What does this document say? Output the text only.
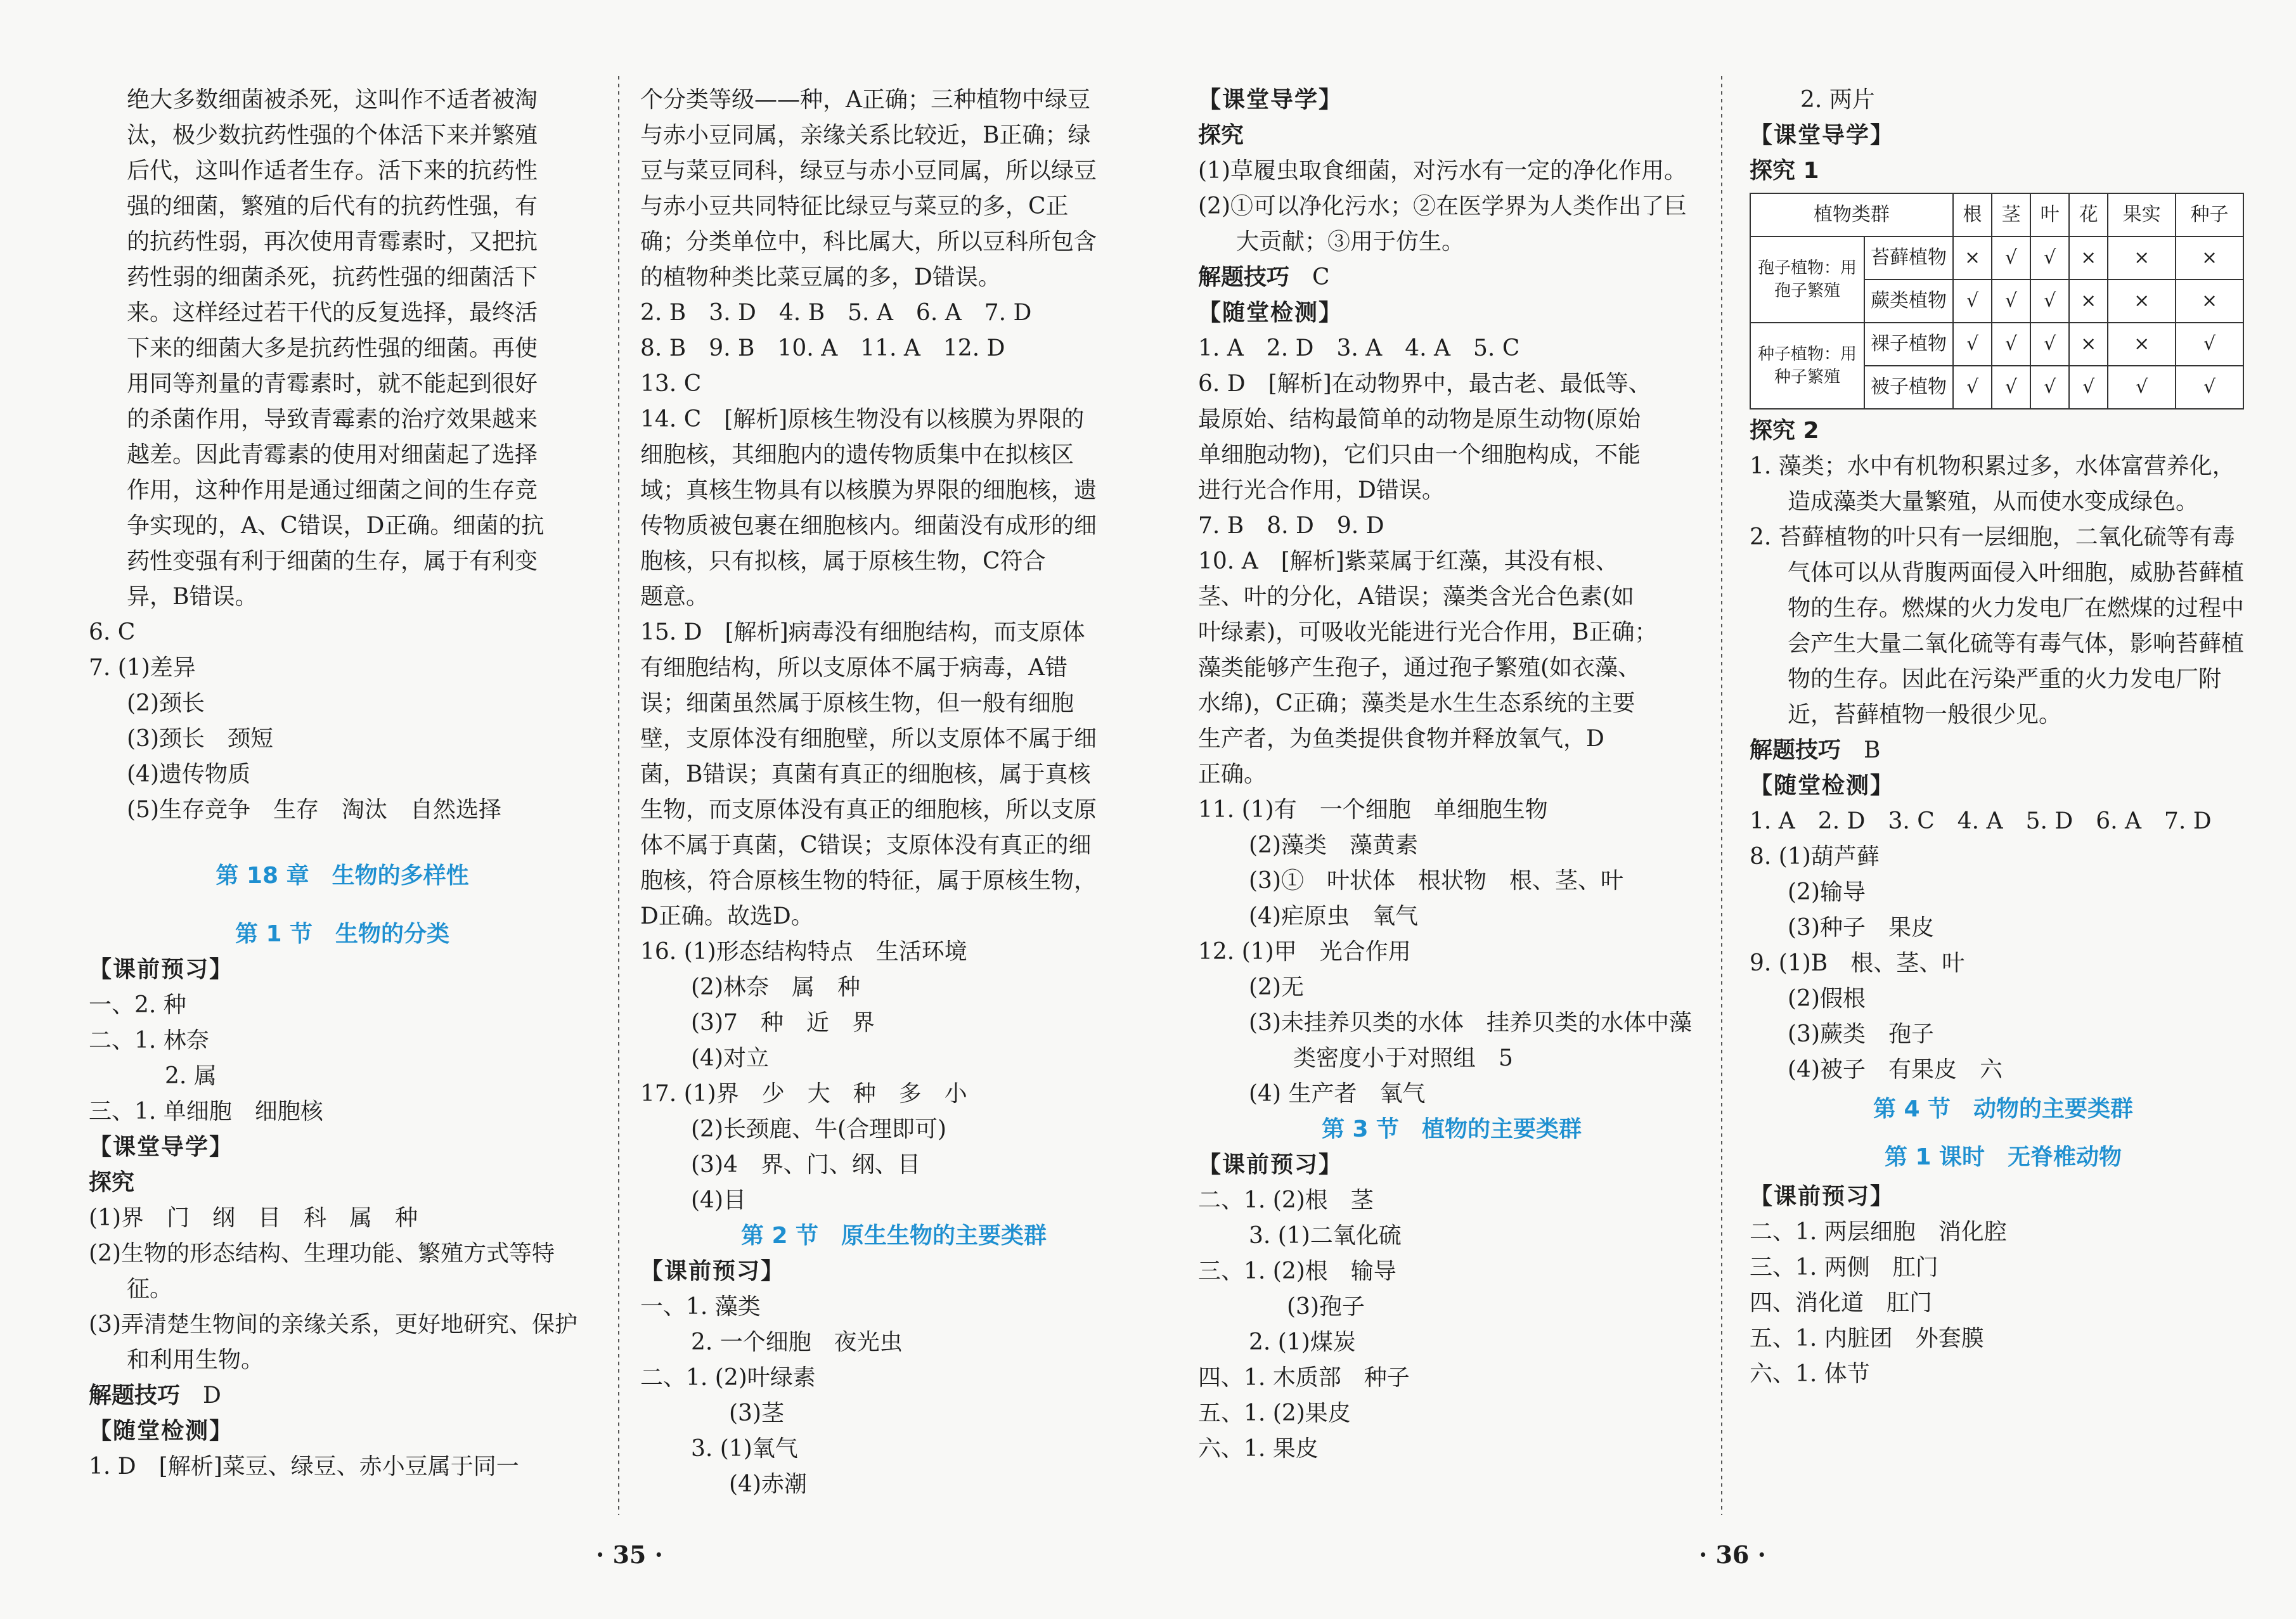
绝大多数细菌被杀死，这叫作不适者被淘
汰，极少数抗药性强的个体活下来并繁殖
后代，这叫作适者生存。活下来的抗药性
强的细菌，繁殖的后代有的抗药性强，有
的抗药性弱，再次使用青霉素时，又把抗
药性弱的细菌杀死，抗药性强的细菌活下
来。这样经过若干代的反复选择，最终活
下来的细菌大多是抗药性强的细菌。再使
用同等剂量的青霉素时，就不能起到很好
的杀菌作用，导致青霉素的治疗效果越来
越差。因此青霉素的使用对细菌起了选择
作用，这种作用是通过细菌之间的生存竞
争实现的，A、C错误，D正确。细菌的抗
药性变强有利于细菌的生存，属于有利变
异，B错误。
6. C
7. (1)差异
(2)颈长
(3)颈长　颈短
(4)遗传物质
(5)生存竞争　生存　淘汰　自然选择
第 18 章　生物的多样性
第 1 节　生物的分类
【课前预习】
一、2. 种
二、1. 林奈
2. 属
三、1. 单细胞　细胞核
【课堂导学】
探究
(1)界　门　纲　目　科　属　种
(2)生物的形态结构、生理功能、繁殖方式等特征。
(3)弄清楚生物间的亲缘关系，更好地研究、保护和利用生物。
解题技巧　 D
【随堂检测】
1. D　[解析]菜豆、绿豆、赤小豆属于同一
个分类等级——种，A正确；三种植物中绿豆
与赤小豆同属，亲缘关系比较近，B正确；绿
豆与菜豆同科，绿豆与赤小豆同属，所以绿豆
与赤小豆共同特征比绿豆与菜豆的多，C正
确；分类单位中，科比属大，所以豆科所包含
的植物种类比菜豆属的多，D错误。
2. B　3. D　4. B　5. A　6. A　7. D
8. B　9. B　10. A　11. A　12. D
13. C
14. C　[解析]原核生物没有以核膜为界限的
细胞核，其细胞内的遗传物质集中在拟核区
域；真核生物具有以核膜为界限的细胞核，遗
传物质被包裹在细胞核内。细菌没有成形的细
胞核，只有拟核，属于原核生物，C符合
题意。
15. D　[解析]病毒没有细胞结构，而支原体
有细胞结构，所以支原体不属于病毒，A错
误；细菌虽然属于原核生物，但一般有细胞
壁，支原体没有细胞壁，所以支原体不属于细
菌，B错误；真菌有真正的细胞核，属于真核
生物，而支原体没有真正的细胞核，所以支原
体不属于真菌，C错误；支原体没有真正的细
胞核，符合原核生物的特征，属于原核生物，
D正确。故选D。
16. (1)形态结构特点　生活环境
(2)林奈　属　种
(3)7　种　近　界
(4)对立
17. (1)界　少　大　种　多　小
(2)长颈鹿、牛(合理即可)
(3)4　界、门、纲、目
(4)目
第 2 节　原生生物的主要类群
【课前预习】
一、1. 藻类
2. 一个细胞　夜光虫
二、1. (2)叶绿素
(3)茎
3. (1)氧气
(4)赤潮
· 35 ·
【课堂导学】
探究
(1)草履虫取食细菌，对污水有一定的净化作用。
(2)①可以净化污水；②在医学界为人类作出了巨大贡献；③用于仿生。
解题技巧　 C
【随堂检测】
1. A　2. D　3. A　4. A　5. C
6. D　[解析]在动物界中，最古老、最低等、
最原始、结构最简单的动物是原生动物(原始
单细胞动物)，它们只由一个细胞构成，不能
进行光合作用，D错误。
7. B　8. D　9. D
10. A　[解析]紫菜属于红藻，其没有根、
茎、叶的分化，A错误；藻类含光合色素(如
叶绿素)，可吸收光能进行光合作用，B正确；
藻类能够产生孢子，通过孢子繁殖(如衣藻、
水绵)，C正确；藻类是水生生态系统的主要
生产者，为鱼类提供食物并释放氧气，D
正确。
11. (1)有　一个细胞　单细胞生物
(2)藻类　藻黄素
(3)①　叶状体　根状物　根、茎、叶
(4)疟原虫　氧气
12. (1)甲　光合作用
(2)无
(3)未挂养贝类的水体　挂养贝类的水体中藻类密度小于对照组　5
(4) 生产者　氧气
第 3 节　植物的主要类群
【课前预习】
二、1. (2)根　茎
3. (1)二氧化硫
三、1. (2)根　输导
(3)孢子
2. (1)煤炭
四、1. 木质部　种子
五、1. (2)果皮
六、1. 果皮
2. 两片
【课堂导学】
探究 1
植物类群		根	茎	叶	花	果实	种子
孢子植物：用孢子繁殖	苔藓植物	×	√	√	×	×	×
	蕨类植物	√	√	√	×	×	×
种子植物：用种子繁殖	裸子植物	√	√	√	×	×	√
	被子植物	√	√	√	√	√	√
探究 2
1. 藻类；水中有机物积累过多，水体富营养化，造成藻类大量繁殖，从而使水变成绿色。
2. 苔藓植物的叶只有一层细胞，二氧化硫等有毒气体可以从背腹两面侵入叶细胞，威胁苔藓植物的生存。燃煤的火力发电厂在燃煤的过程中会产生大量二氧化硫等有毒气体，影响苔藓植物的生存。因此在污染严重的火力发电厂附近，苔藓植物一般很少见。
解题技巧　 B
【随堂检测】
1. A　2. D　3. C　4. A　5. D　6. A　7. D
8. (1)葫芦藓
(2)输导
(3)种子　果皮
9. (1)B　根、茎、叶
(2)假根
(3)蕨类　孢子
(4)被子　有果皮　六
第 4 节　动物的主要类群
第 1 课时　无脊椎动物
【课前预习】
二、1. 两层细胞　消化腔
三、1. 两侧　肛门
四、消化道　肛门
五、1. 内脏团　外套膜
六、1. 体节
· 36 ·
